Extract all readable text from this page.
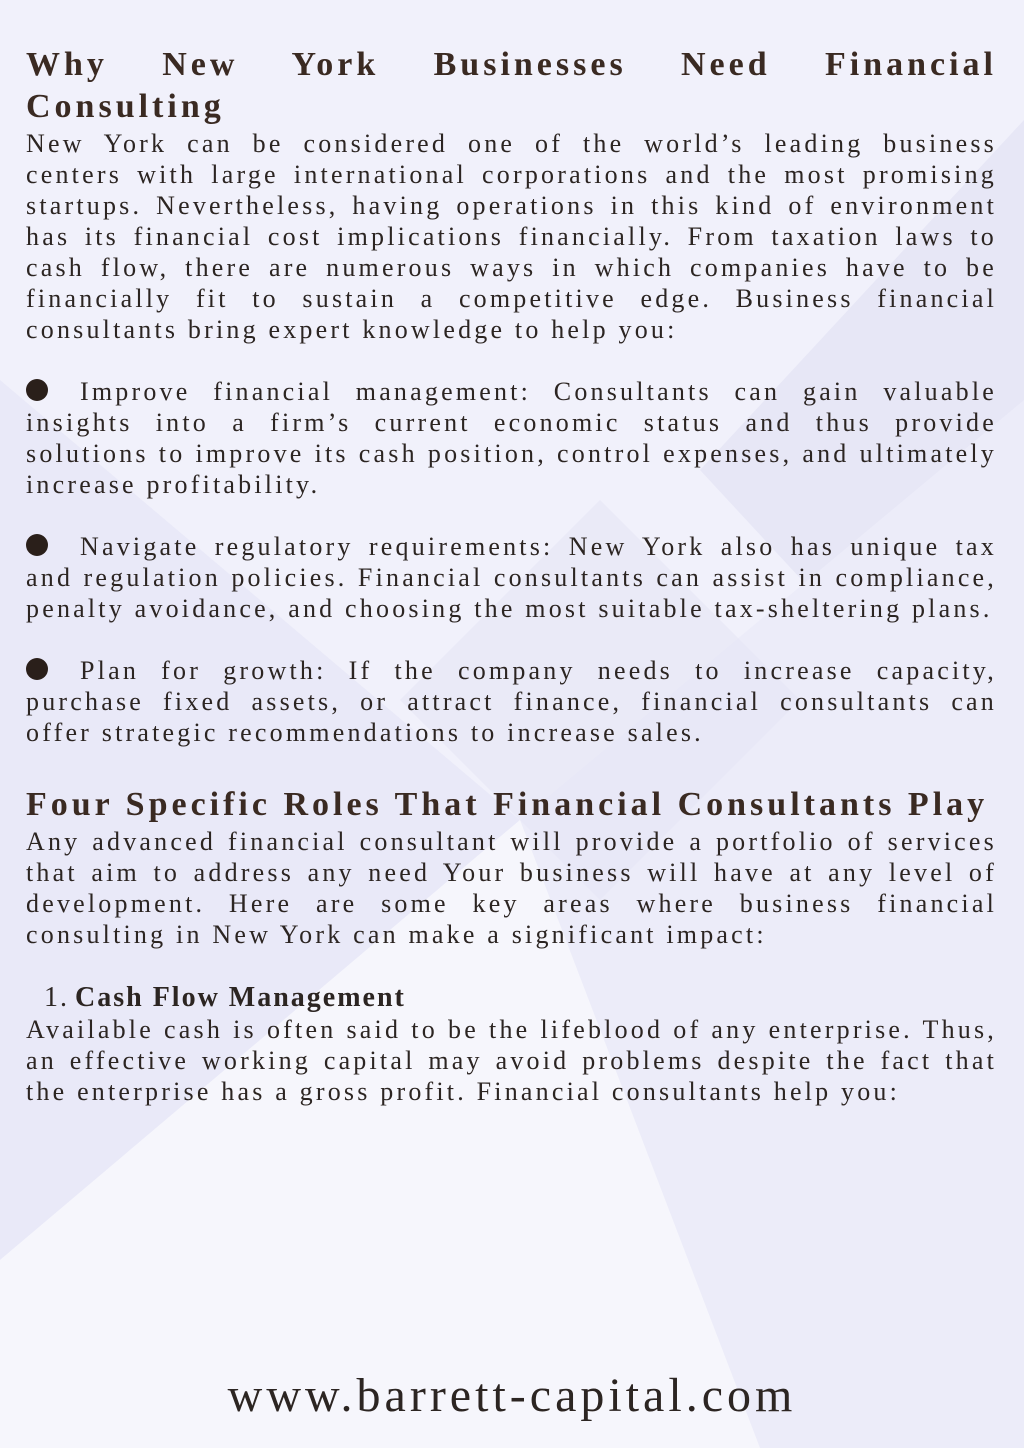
Why New York Businesses Need Financial Consulting

New York can be considered one of the world’s leading business centers with large international corporations and the most promising startups. Nevertheless, having operations in this kind of environment has its financial cost implications financially. From taxation laws to cash flow, there are numerous ways in which companies have to be financially fit to sustain a competitive edge. Business financial consultants bring expert knowledge to help you:

Improve financial management: Consultants can gain valuable insights into a firm’s current economic status and thus provide solutions to improve its cash position, control expenses, and ultimately increase profitability.

Navigate regulatory requirements: New York also has unique tax and regulation policies. Financial consultants can assist in compliance, penalty avoidance, and choosing the most suitable tax-sheltering plans.

Plan for growth: If the company needs to increase capacity, purchase fixed assets, or attract finance, financial consultants can offer strategic recommendations to increase sales.

Four Specific Roles That Financial Consultants Play

Any advanced financial consultant will provide a portfolio of services that aim to address any need Your business will have at any level of development. Here are some key areas where business financial consulting in New York can make a significant impact:

1. Cash Flow Management

Available cash is often said to be the lifeblood of any enterprise. Thus, an effective working capital may avoid problems despite the fact that the enterprise has a gross profit. Financial consultants help you:

www.barrett-capital.com
